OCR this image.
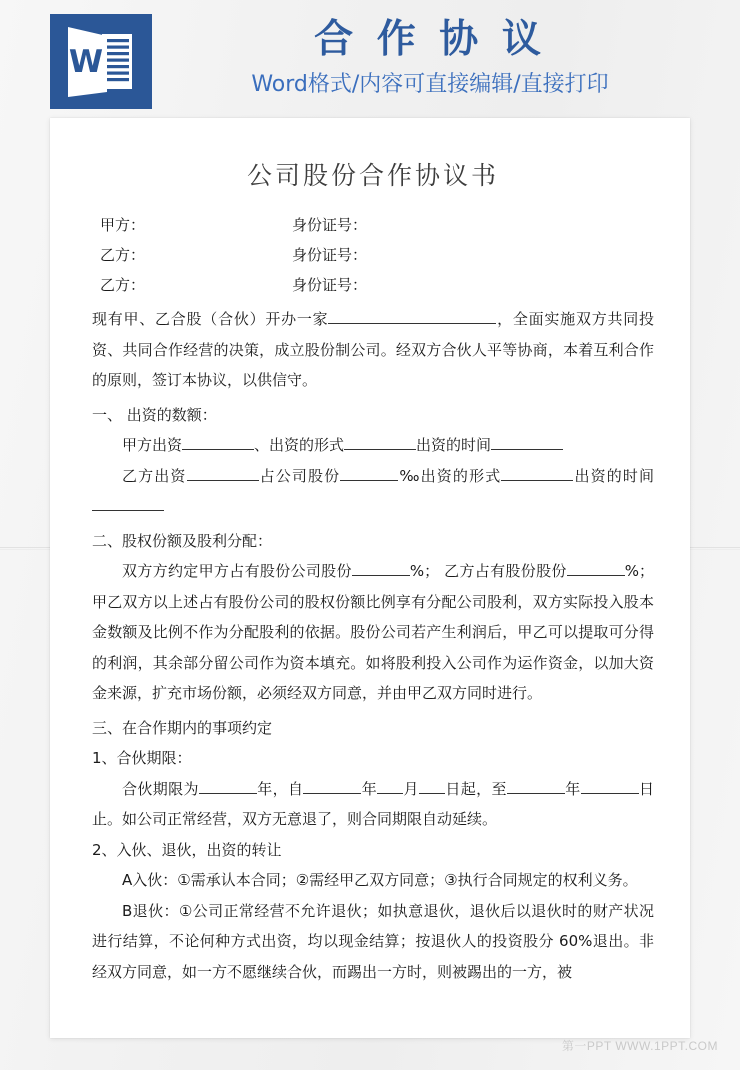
W	合 作 协 议
Word格式/内容可直接编辑/直接打印
公司股份合作协议书
甲方：	身份证号：
乙方：	身份证号：
乙方：	身份证号：

现有甲、乙合股（合伙）开办一家	，全面实施双方共同投资、共同合作经营的决策，成立股份制公司。经双方合伙人平等协商，本着互利合作的原则，签订本协议，以供信守。

一、 出资的数额：

甲方出资	、出资的形式	出资的时间

乙方出资	占公司股份	‰出资的形式	出资的时间

二、股权份额及股利分配：

双方方约定甲方占有股份公司股份	%； 乙方占有股份股份	%；甲乙双方以上述占有股份公司的股权份额比例享有分配公司股利，双方实际投入股本金数额及比例不作为分配股利的依据。股份公司若产生利润后，甲乙可以提取可分得的利润，其余部分留公司作为资本填充。如将股利投入公司作为运作资金，以加大资金来源，扩充市场份额，必须经双方同意，并由甲乙双方同时进行。

三、在合作期内的事项约定

1、合伙期限：

合伙期限为	年，自	年 月 日起，至	年	日止。如公司正常经营，双方无意退了，则合同期限自动延续。

2、入伙、退伙，出资的转让

A入伙：①需承认本合同；②需经甲乙双方同意；③执行合同规定的权利义务。

B退伙：①公司正常经营不允许退伙；如执意退伙，退伙后以退伙时的财产状况进行结算，不论何种方式出资，均以现金结算；按退伙人的投资股分 60%退出。非经双方同意，如一方不愿继续合伙，而踢出一方时，则被踢出的一方，被

第一PPT WWW.1PPT.COM
